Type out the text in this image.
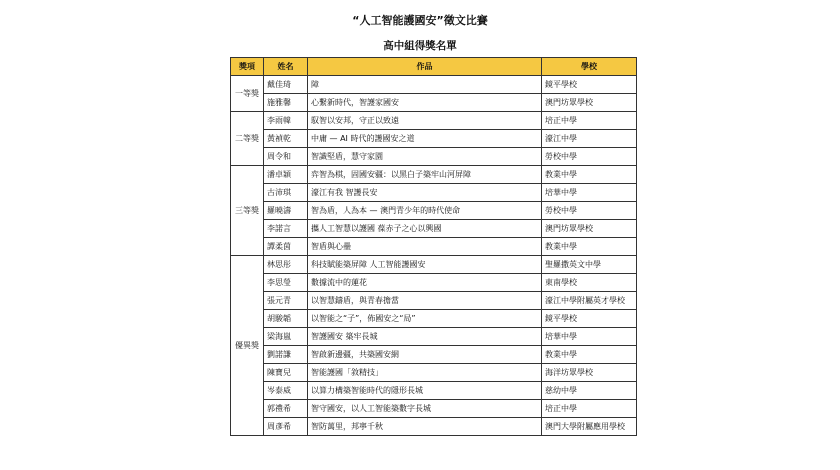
“人工智能護國安”徵文比賽
高中組得獎名單
獎項	姓名	作品	學校
一等獎	戴佳琦	障	鏡平學校
	施雅馨	心繫新時代，智護家國安	澳門坊眾學校
二等獎	李雨韓	馭智以安邦，守正以致遠	培正中學
	黃禎乾	中庸 — AI 時代的護國安之道	濠江中學
	周令和	智識堅盾，慧守家園	勞校中學
三等獎	潘卓穎	弈智為棋，固國安疆：以黑白子築牢山河屏障	教業中學
	古沛琪	濠江有我 智護長安	培華中學
	羅曉濤	智為盾，人為本 — 澳門青少年的時代使命	勞校中學
	李諾言	攜人工智慧以護國 葆赤子之心以興國	澳門坊眾學校
	譚柔茵	智盾與心壘	教業中學
優異獎	林思彤	科技賦能築屏障 人工智能護國安	聖羅撒英文中學
	李思瑩	數據流中的蓮花	東南學校
	張元青	以智慧鑄盾，與青春擔當	濠江中學附屬英才學校
	胡駿韜	以智能之“子”，佈國安之“局”	鏡平學校
	梁海嵐	智護國安 築牢長城	培華中學
	劉諾謙	智啟新邊疆，共築國安網	教業中學
	陳寶兒	智能護國「敘精技」	海洋坊眾學校
	岑泰威	以算力構築智能時代的隱形長城	慈幼中學
	郭禮希	智守國安，以人工智能築數字長城	培正中學
	周彥希	智防萬里，邦寧千秋	澳門大學附屬應用學校
